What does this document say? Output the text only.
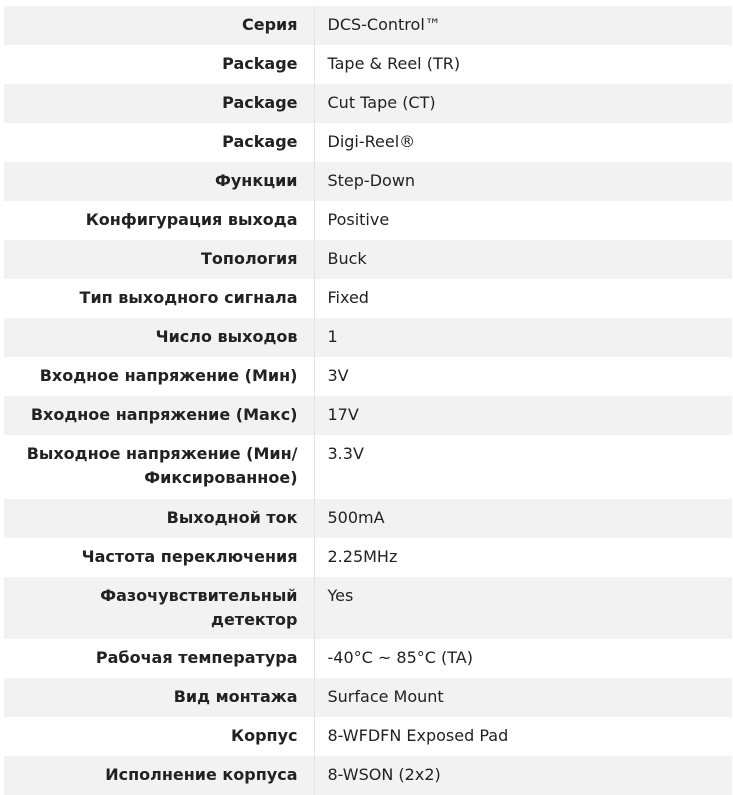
Серия	DCS-Control™
Package	Tape & Reel (TR)
Package	Cut Tape (CT)
Package	Digi-Reel®
Функции	Step-Down
Конфигурация выхода	Positive
Топология	Buck
Тип выходного сигнала	Fixed
Число выходов	1
Входное напряжение (Мин)	3V
Входное напряжение (Макс)	17V
Выходное напряжение (Мин/ Фиксированное)	3.3V
Выходной ток	500mA
Частота переключения	2.25MHz
Фазочувствительный детектор	Yes
Рабочая температура	-40°C ~ 85°C (TA)
Вид монтажа	Surface Mount
Корпус	8-WFDFN Exposed Pad
Исполнение корпуса	8-WSON (2x2)
